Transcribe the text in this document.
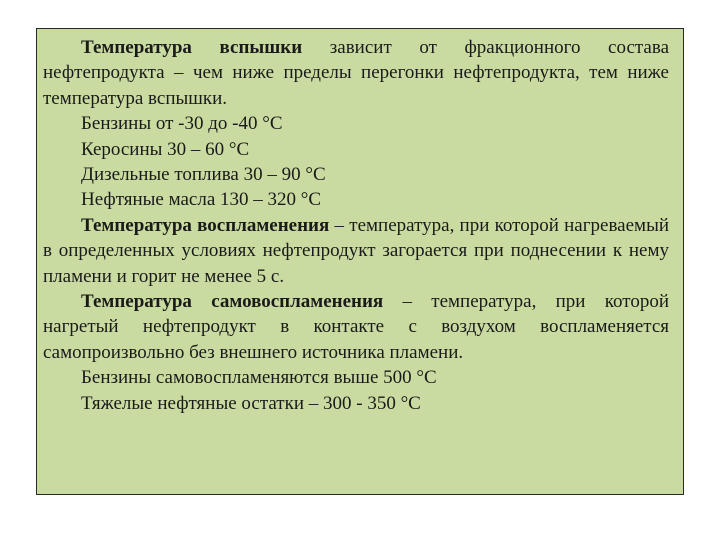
Температура вспышки зависит от фракционного состава нефтепродукта – чем ниже пределы перегонки нефтепродукта, тем ниже температура вспышки.

Бензины от -30 до -40 °С

Керосины 30 – 60 °С

Дизельные топлива 30 – 90 °С

Нефтяные масла 130 – 320 °С

Температура воспламенения – температура, при которой нагреваемый в определенных условиях нефтепродукт загорается при поднесении к нему пламени и горит не менее 5 с.

Температура самовоспламенения – температура, при которой нагретый нефтепродукт в контакте с воздухом воспламеняется самопроизвольно без внешнего источника пламени.

Бензины самовоспламеняются выше 500 °С

Тяжелые нефтяные остатки – 300 - 350 °С
